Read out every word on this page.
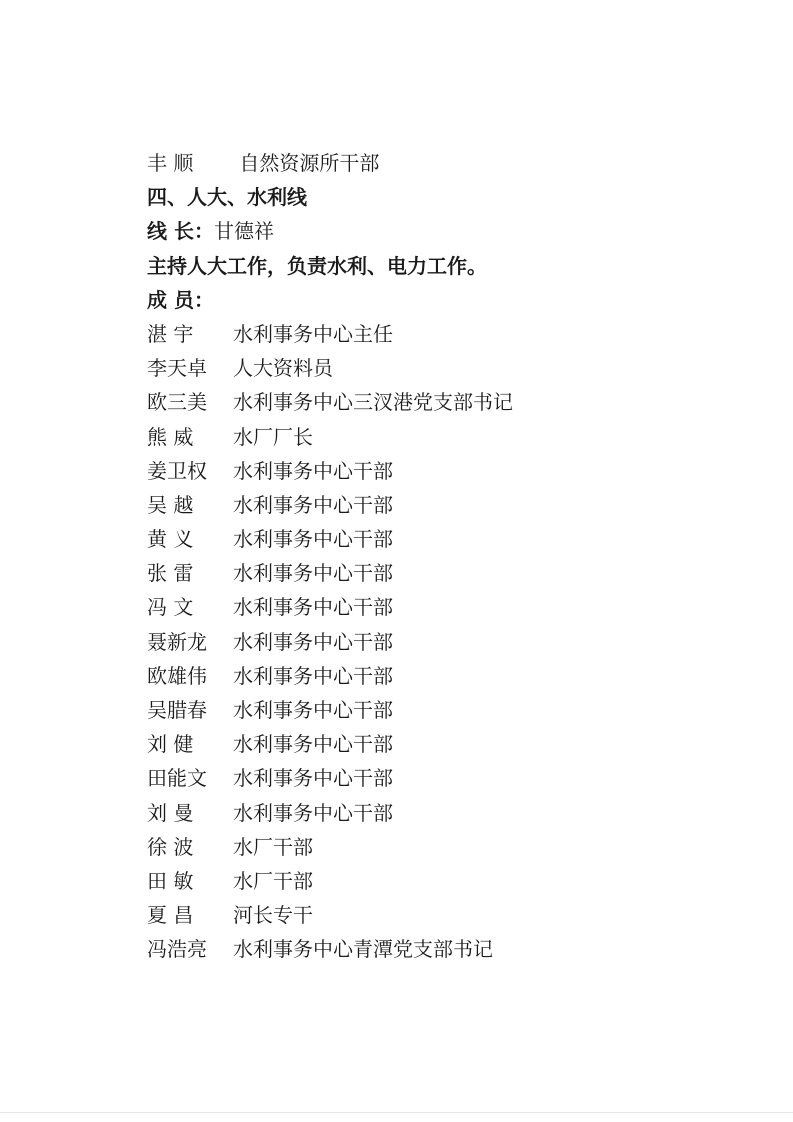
丰 顺 自然资源所干部
四、人大、水利线
线 长：甘德祥
主持人大工作，负责水利、电力工作。
成 员：
湛 宇 水利事务中心主任
李天卓 人大资料员
欧三美 水利事务中心三汊港党支部书记
熊 威 水厂厂长
姜卫权 水利事务中心干部
吴 越 水利事务中心干部
黄 义 水利事务中心干部
张 雷 水利事务中心干部
冯 文 水利事务中心干部
聂新龙 水利事务中心干部
欧雄伟 水利事务中心干部
吴腊春 水利事务中心干部
刘 健 水利事务中心干部
田能文 水利事务中心干部
刘 曼 水利事务中心干部
徐 波 水厂干部
田 敏 水厂干部
夏 昌 河长专干
冯浩亮 水利事务中心青潭党支部书记
